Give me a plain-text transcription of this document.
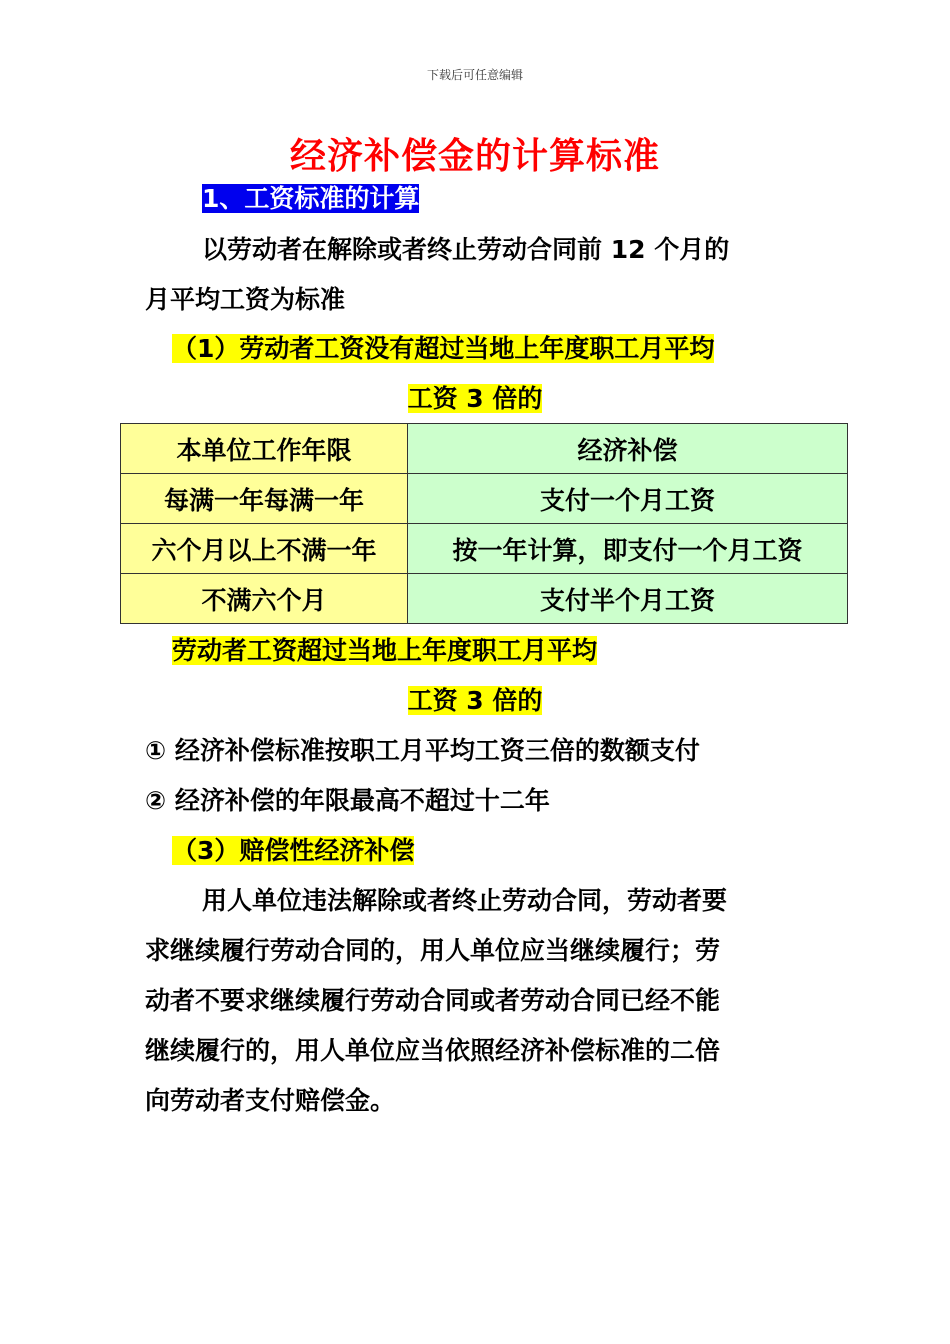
下载后可任意编辑
经济补偿金的计算标准
1、工资标准的计算
以劳动者在解除或者终止劳动合同前 12 个月的
月平均工资为标准
（1）劳动者工资没有超过当地上年度职工月平均
工资 3 倍的
本单位工作年限	经济补偿
每满一年每满一年	支付一个月工资
六个月以上不满一年	按一年计算，即支付一个月工资
不满六个月	支付半个月工资
劳动者工资超过当地上年度职工月平均
工资 3 倍的
① 经济补偿标准按职工月平均工资三倍的数额支付
② 经济补偿的年限最高不超过十二年
（3）赔偿性经济补偿
用人单位违法解除或者终止劳动合同，劳动者要
求继续履行劳动合同的，用人单位应当继续履行；劳
动者不要求继续履行劳动合同或者劳动合同已经不能
继续履行的，用人单位应当依照经济补偿标准的二倍
向劳动者支付赔偿金。
